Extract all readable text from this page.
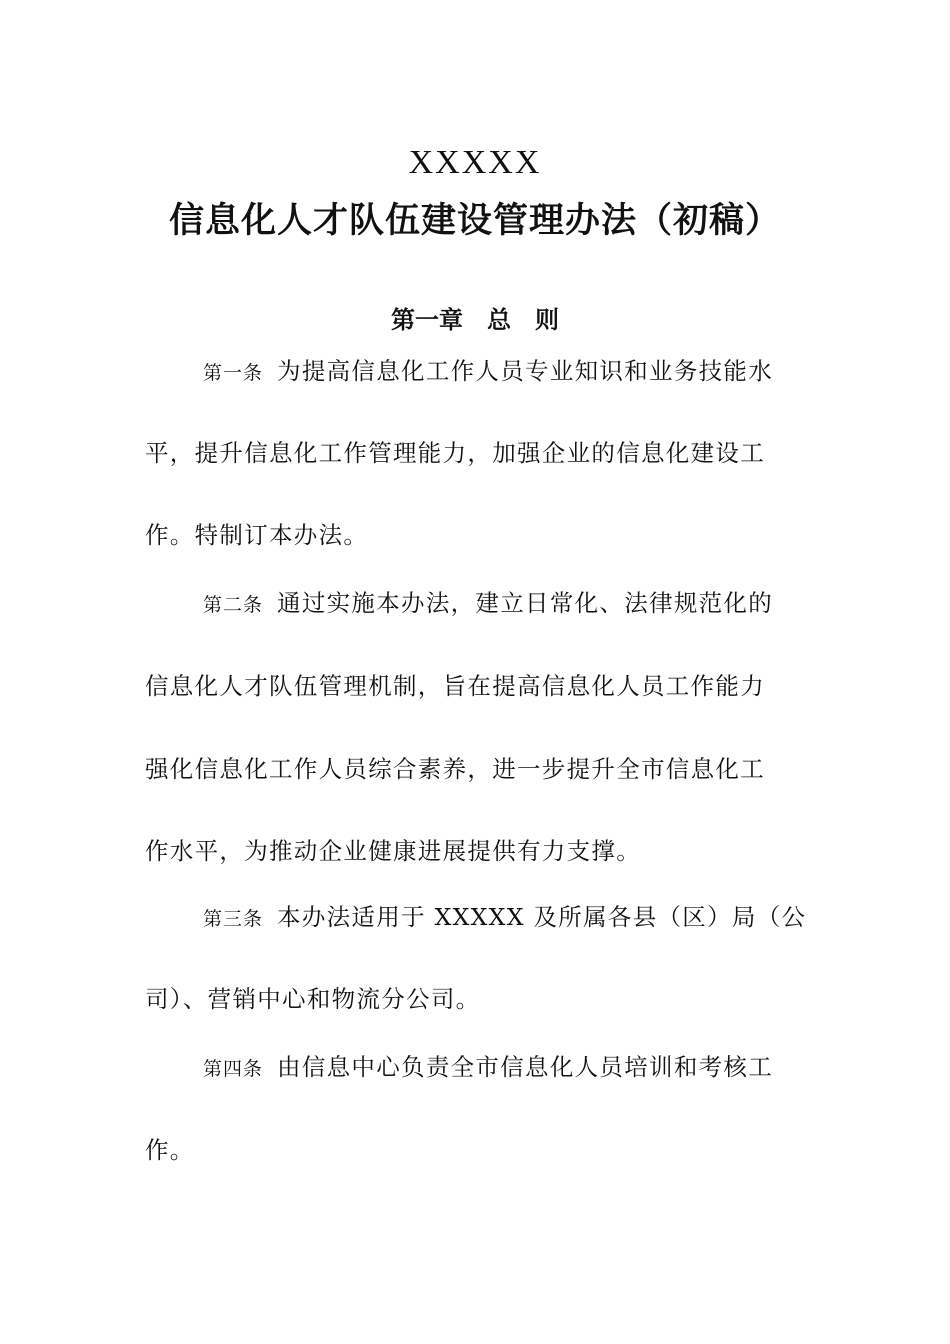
XXXXX
信息化人才队伍建设管理办法（初稿）
第一章　总　则
第一条 为提高信息化工作人员专业知识和业务技能水
平，提升信息化工作管理能力，加强企业的信息化建设工
作。特制订本办法。
第二条 通过实施本办法，建立日常化、法律规范化的
信息化人才队伍管理机制，旨在提高信息化人员工作能力
强化信息化工作人员综合素养，进一步提升全市信息化工
作水平，为推动企业健康进展提供有力支撑。
第三条 本办法适用于 XXXXX 及所属各县（区）局（公
司）、营销中心和物流分公司。
第四条 由信息中心负责全市信息化人员培训和考核工
作。
